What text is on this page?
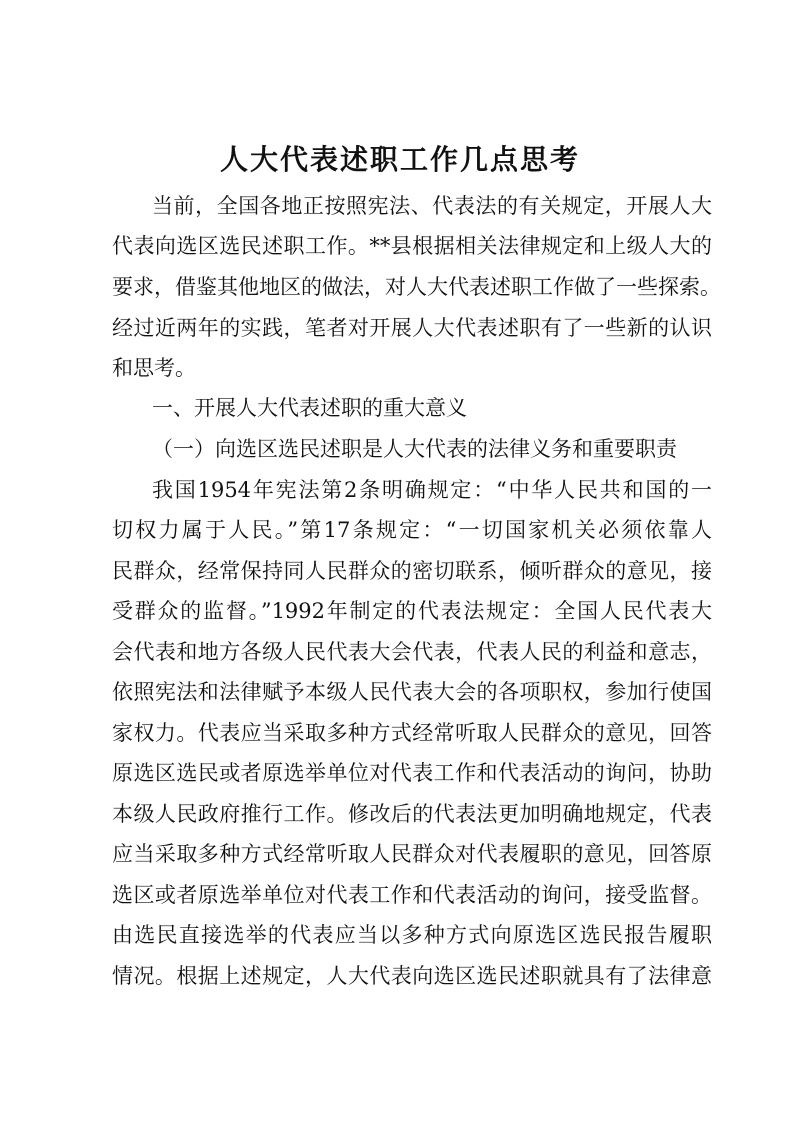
人大代表述职工作几点思考
当前，全国各地正按照宪法、代表法的有关规定，开展人大
代表向选区选民述职工作。**县根据相关法律规定和上级人大的
要求，借鉴其他地区的做法，对人大代表述职工作做了一些探索。
经过近两年的实践，笔者对开展人大代表述职有了一些新的认识
和思考。
一、开展人大代表述职的重大意义
（一）向选区选民述职是人大代表的法律义务和重要职责
我国1954年宪法第2条明确规定：“中华人民共和国的一
切权力属于人民。”第17条规定：“一切国家机关必须依靠人
民群众，经常保持同人民群众的密切联系，倾听群众的意见，接
受群众的监督。”1992年制定的代表法规定：全国人民代表大
会代表和地方各级人民代表大会代表，代表人民的利益和意志，
依照宪法和法律赋予本级人民代表大会的各项职权，参加行使国
家权力。代表应当采取多种方式经常听取人民群众的意见，回答
原选区选民或者原选举单位对代表工作和代表活动的询问，协助
本级人民政府推行工作。修改后的代表法更加明确地规定，代表
应当采取多种方式经常听取人民群众对代表履职的意见，回答原
选区或者原选举单位对代表工作和代表活动的询问，接受监督。
由选民直接选举的代表应当以多种方式向原选区选民报告履职
情况。根据上述规定，人大代表向选区选民述职就具有了法律意
